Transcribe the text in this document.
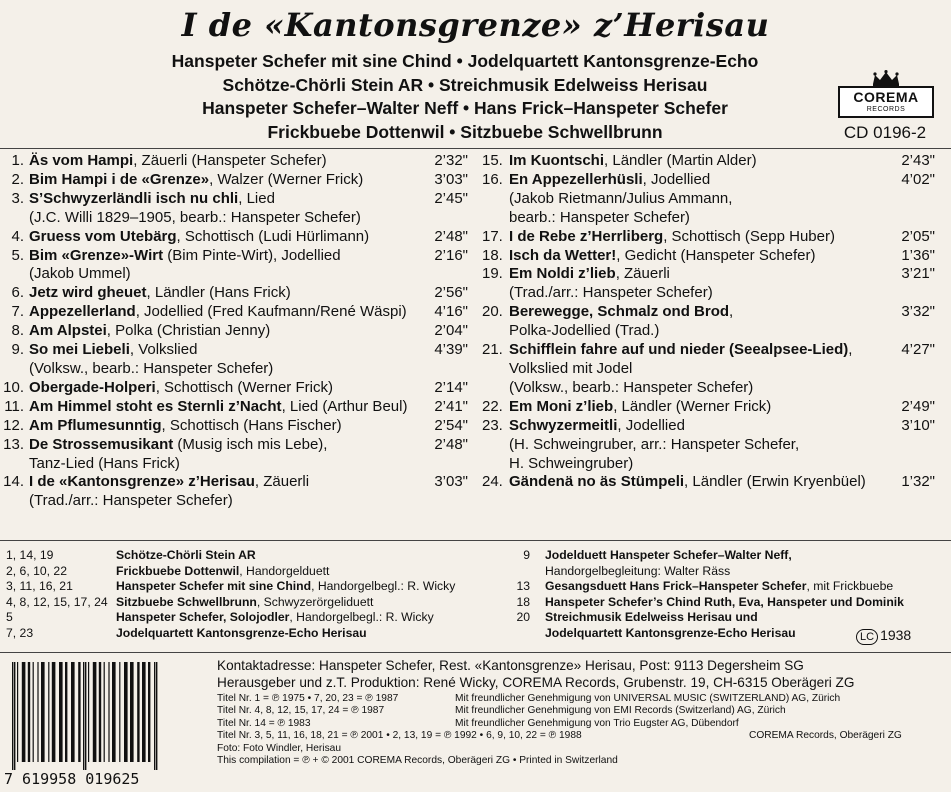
I de «Kantonsgrenze» z’Herisau
Hanspeter Schefer mit sine Chind • Jodelquartett Kantonsgrenze-Echo
Schötze-Chörli Stein AR • Streichmusik Edelweiss Herisau
Hanspeter Schefer–Walter Neff • Hans Frick–Hanspeter Schefer
Frickbuebe Dottenwil • Sitzbuebe Schwellbrunn
COREMA
RECORDS
CD 0196-2
1. Äs vom Hampi, Zäuerli (Hanspeter Schefer)	2’32"
2. Bim Hampi i de «Grenze», Walzer (Werner Frick)	3’03"
3. S’Schwyzerländli isch nu chli, Lied
(J.C. Willi 1829–1905, bearb.: Hanspeter Schefer)
2’45"
4. Gruess vom Utebärg, Schottisch (Ludi Hürlimann)	2’48"
5. Bim «Grenze»-Wirt (Bim Pinte-Wirt), Jodellied
(Jakob Ummel)
2’16"
6. Jetz wird gheuet, Ländler (Hans Frick)	2’56"
7. Appezellerland, Jodellied (Fred Kaufmann/René Wäspi)	4’16"
8. Am Alpstei, Polka (Christian Jenny)	2’04"
9. So mei Liebeli, Volkslied
(Volksw., bearb.: Hanspeter Schefer)
4’39"
10. Obergade-Holperi, Schottisch (Werner Frick)	2’14"
11. Am Himmel stoht es Sternli z’Nacht, Lied (Arthur Beul)	2’41"
12. Am Pflumesunntig, Schottisch (Hans Fischer)	2’54"
13. De Strossemusikant (Musig isch mis Lebe),
Tanz-Lied (Hans Frick)
2’48"
14. I de «Kantonsgrenze» z’Herisau, Zäuerli
(Trad./arr.: Hanspeter Schefer)
3’03"
15. Im Kuontschi, Ländler (Martin Alder)	2’43"
16. En Appezellerhüsli, Jodellied
(Jakob Rietmann/Julius Ammann,
bearb.: Hanspeter Schefer)
4’02"
17. I de Rebe z’Herrliberg, Schottisch (Sepp Huber)	2’05"
18. Isch da Wetter!, Gedicht (Hanspeter Schefer)	1’36"
19. Em Noldi z’lieb, Zäuerli
(Trad./arr.: Hanspeter Schefer)
3’21"
20. Berewegge, Schmalz ond Brod,
Polka-Jodellied (Trad.)
3’32"
21. Schifflein fahre auf und nieder (Seealpsee-Lied),
Volkslied mit Jodel
(Volksw., bearb.: Hanspeter Schefer)
4’27"
22. Em Moni z’lieb, Ländler (Werner Frick)	2’49"
23. Schwyzermeitli, Jodellied
(H. Schweingruber, arr.: Hanspeter Schefer,
H. Schweingruber)
3’10"
24. Gändenä no äs Stümpeli, Ländler (Erwin Kryenbüel)	1’32"
1, 14, 19	Schötze-Chörli Stein AR
2, 6, 10, 22	Frickbuebe Dottenwil, Handorgelduett
3, 11, 16, 21	Hanspeter Schefer mit sine Chind, Handorgelbegl.: R. Wicky
4, 8, 12, 15, 17, 24 Sitzbuebe Schwellbrunn, Schwyzerörgeliduett
5	Hanspeter Schefer, Solojodler, Handorgelbegl.: R. Wicky
7, 23	Jodelquartett Kantonsgrenze-Echo Herisau
9 Jodelduett Hanspeter Schefer–Walter Neff,
Handorgelbegleitung: Walter Räss
13 Gesangsduett Hans Frick–Hanspeter Schefer, mit Frickbuebe
18 Hanspeter Schefer’s Chind Ruth, Eva, Hanspeter und Dominik
20 Streichmusik Edelweiss Herisau und
Jodelquartett Kantonsgrenze-Echo Herisau	LC 1938
7 619958 019625
Kontaktadresse: Hanspeter Schefer, Rest. «Kantonsgrenze» Herisau, Post: 9113 Degersheim SG
Herausgeber und z.T. Produktion: René Wicky, COREMA Records, Grubenstr. 19, CH-6315 Oberägeri ZG
Titel Nr. 1 = ℗ 1975 • 7, 20, 23 = ℗ 1987	Mit freundlicher Genehmigung von UNIVERSAL MUSIC (SWITZERLAND) AG, Zürich
Titel Nr. 4, 8, 12, 15, 17, 24 = ℗ 1987	Mit freundlicher Genehmigung von EMI Records (Switzerland) AG, Zürich
Titel Nr. 14 = ℗ 1983	Mit freundlicher Genehmigung von Trio Eugster AG, Dübendorf
Titel Nr. 3, 5, 11, 16, 18, 21 = ℗ 2001 • 2, 13, 19 = ℗ 1992 • 6, 9, 10, 22 = ℗ 1988	COREMA Records, Oberägeri ZG
Foto: Foto Windler, Herisau
This compilation = ℗ + © 2001 COREMA Records, Oberägeri ZG • Printed in Switzerland
